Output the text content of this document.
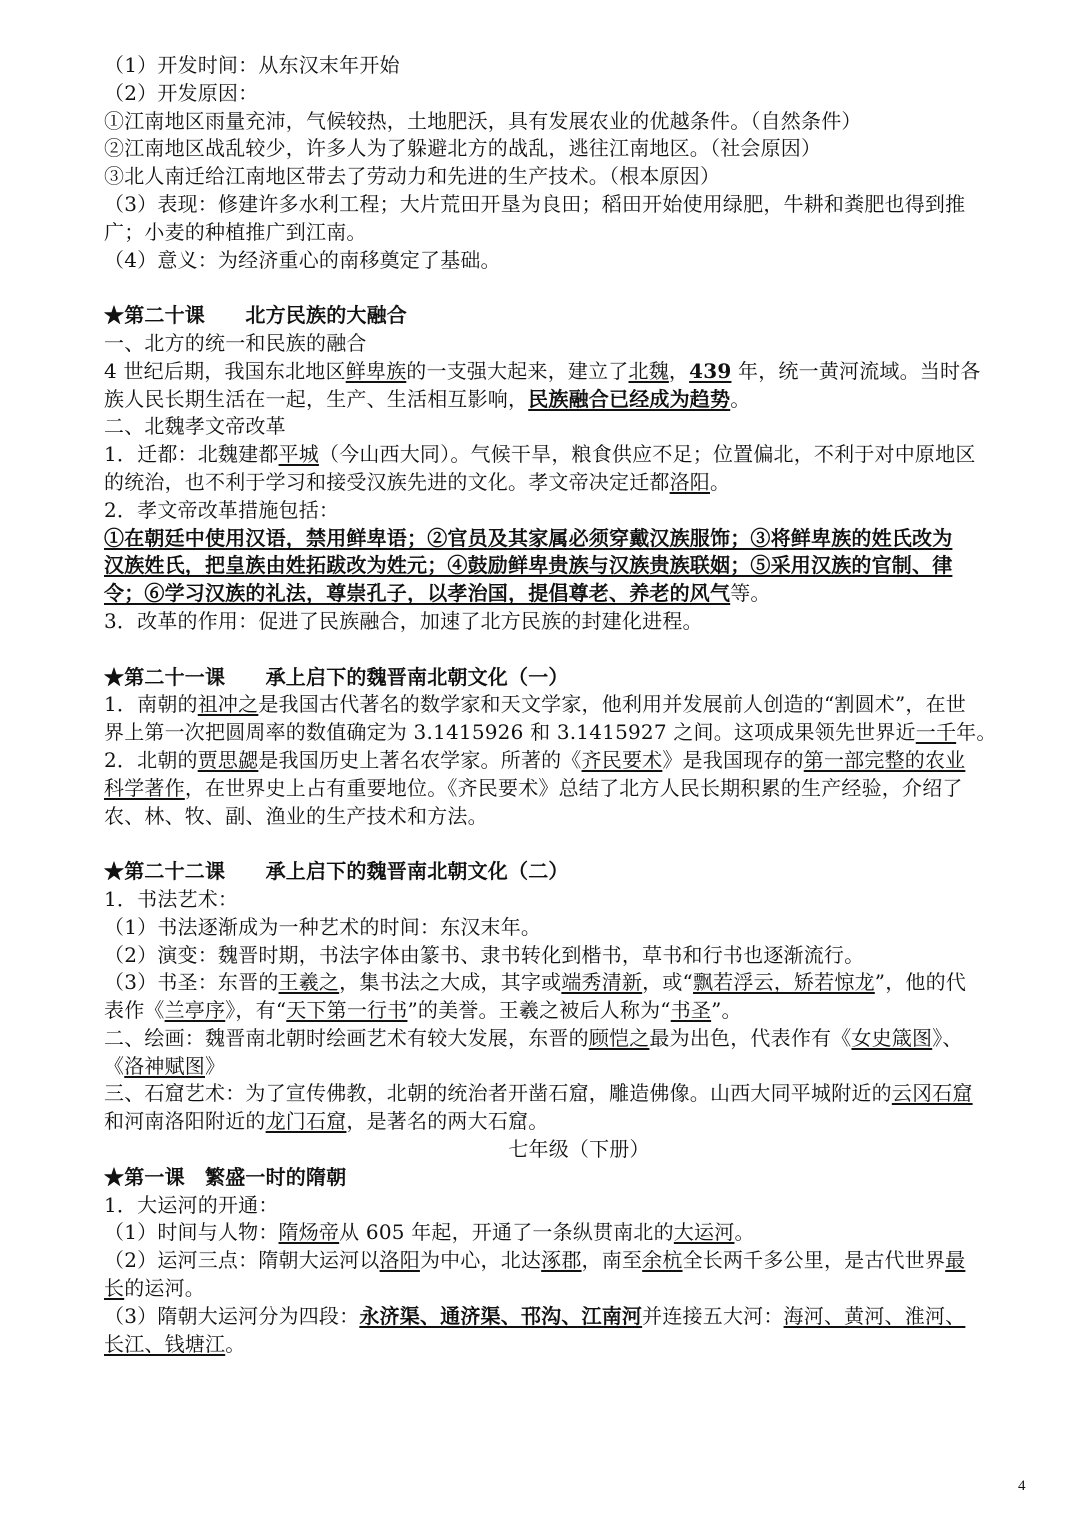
（1）开发时间：从东汉末年开始
（2）开发原因：
①江南地区雨量充沛，气候较热，土地肥沃，具有发展农业的优越条件。（自然条件）
②江南地区战乱较少，许多人为了躲避北方的战乱，逃往江南地区。（社会原因）
③北人南迁给江南地区带去了劳动力和先进的生产技术。（根本原因）
（3）表现：修建许多水利工程；大片荒田开垦为良田；稻田开始使用绿肥，牛耕和粪肥也得到推
广；小麦的种植推广到江南。
（4）意义：为经济重心的南移奠定了基础。
★第二十课　　北方民族的大融合
一、北方的统一和民族的融合
4 世纪后期，我国东北地区鲜卑族的一支强大起来，建立了北魏，439 年，统一黄河流域。当时各
族人民长期生活在一起，生产、生活相互影响，民族融合已经成为趋势。
二、北魏孝文帝改革
1．迁都：北魏建都平城（今山西大同）。气候干旱，粮食供应不足；位置偏北，不利于对中原地区
的统治，也不利于学习和接受汉族先进的文化。孝文帝决定迁都洛阳。
2．孝文帝改革措施包括：
①在朝廷中使用汉语，禁用鲜卑语；②官员及其家属必须穿戴汉族服饰；③将鲜卑族的姓氏改为
汉族姓氏，把皇族由姓拓跋改为姓元；④鼓励鲜卑贵族与汉族贵族联姻；⑤采用汉族的官制、律
令；⑥学习汉族的礼法，尊崇孔子，以孝治国，提倡尊老、养老的风气等。
3．改革的作用：促进了民族融合，加速了北方民族的封建化进程。
★第二十一课　　承上启下的魏晋南北朝文化（一）
1．南朝的祖冲之是我国古代著名的数学家和天文学家，他利用并发展前人创造的“割圆术”，在世
界上第一次把圆周率的数值确定为 3.1415926 和 3.1415927 之间。这项成果领先世界近一千年。
2．北朝的贾思勰是我国历史上著名农学家。所著的《齐民要术》是我国现存的第一部完整的农业
科学著作，在世界史上占有重要地位。《齐民要术》总结了北方人民长期积累的生产经验，介绍了
农、林、牧、副、渔业的生产技术和方法。
★第二十二课　　承上启下的魏晋南北朝文化（二）
1．书法艺术：
（1）书法逐渐成为一种艺术的时间：东汉末年。
（2）演变：魏晋时期，书法字体由篆书、隶书转化到楷书，草书和行书也逐渐流行。
（3）书圣：东晋的王羲之，集书法之大成，其字或端秀清新，或“飘若浮云，矫若惊龙”，他的代
表作《兰亭序》，有“天下第一行书”的美誉。王羲之被后人称为“书圣”。
二、绘画：魏晋南北朝时绘画艺术有较大发展，东晋的顾恺之最为出色，代表作有《女史箴图》、
《洛神赋图》
三、石窟艺术：为了宣传佛教，北朝的统治者开凿石窟，雕造佛像。山西大同平城附近的云冈石窟
和河南洛阳附近的龙门石窟，是著名的两大石窟。
七年级（下册）
★第一课　繁盛一时的隋朝
1．大运河的开通：
（1）时间与人物：隋炀帝从 605 年起，开通了一条纵贯南北的大运河。
（2）运河三点：隋朝大运河以洛阳为中心，北达涿郡，南至余杭全长两千多公里，是古代世界最
长的运河。
（3）隋朝大运河分为四段：永济渠、通济渠、邗沟、江南河并连接五大河：海河、黄河、淮河、
长江、钱塘江。
4
